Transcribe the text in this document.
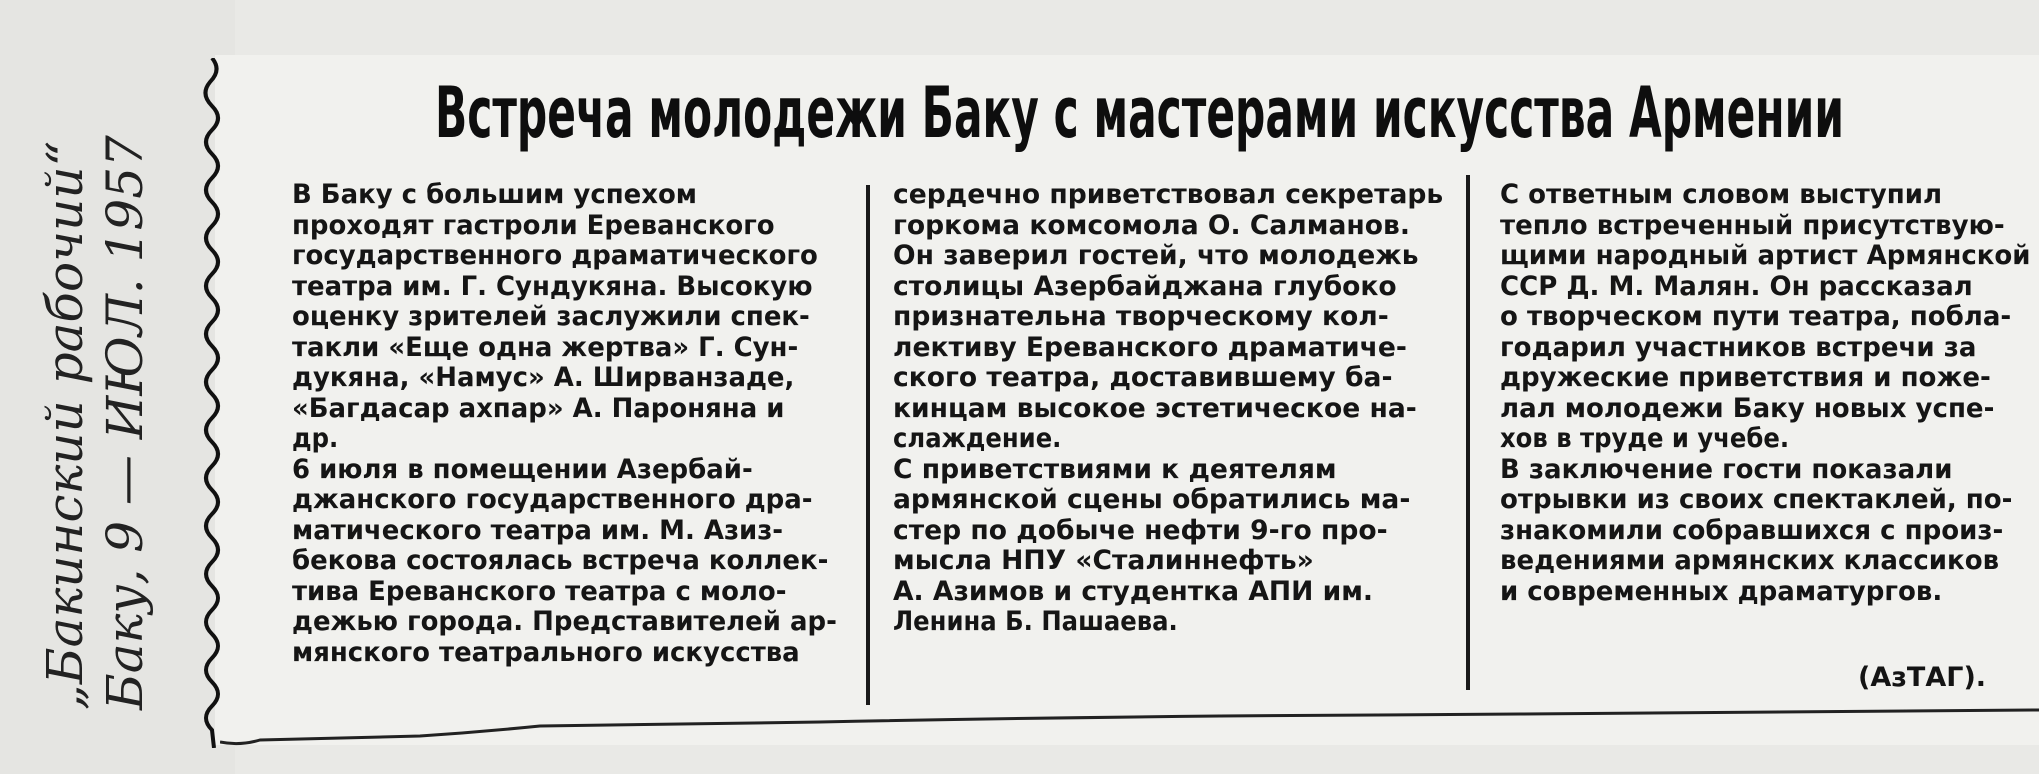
„Бакинский рабочий“ Баку, 9 — ИЮЛ. 1957
Встреча молодежи Баку с мастерами искусства Армении
В Баку с большим успехом
проходят гастроли Ереванского
государственного драматического
театра им. Г. Сундукяна. Высокую
оценку зрителей заслужили спек-
такли «Еще одна жертва» Г. Сун-
дукяна, «Намус» А. Ширванзаде,
«Багдасар ахпар» А. Пароняна и
др.
6 июля в помещении Азербай-
джанского государственного дра-
матического театра им. М. Азиз-
бекова состоялась встреча коллек-
тива Ереванского театра с моло-
дежью города. Представителей ар-
мянского театрального искусства
сердечно приветствовал секретарь
горкома комсомола О. Салманов.
Он заверил гостей, что молодежь
столицы Азербайджана глубоко
признательна творческому кол-
лективу Ереванского драматиче-
ского театра, доставившему ба-
кинцам высокое эстетическое на-
слаждение.
С приветствиями к деятелям
армянской сцены обратились ма-
стер по добыче нефти 9-го про-
мысла НПУ «Сталиннефть»
А. Азимов и студентка АПИ им.
Ленина Б. Пашаева.
С ответным словом выступил
тепло встреченный присутствую-
щими народный артист Армянской
ССР Д. М. Малян. Он рассказал
о творческом пути театра, побла-
годарил участников встречи за
дружеские приветствия и поже-
лал молодежи Баку новых успе-
хов в труде и учебе.
В заключение гости показали
отрывки из своих спектаклей, по-
знакомили собравшихся с произ-
ведениями армянских классиков
и современных драматургов.
(АзТАГ).
